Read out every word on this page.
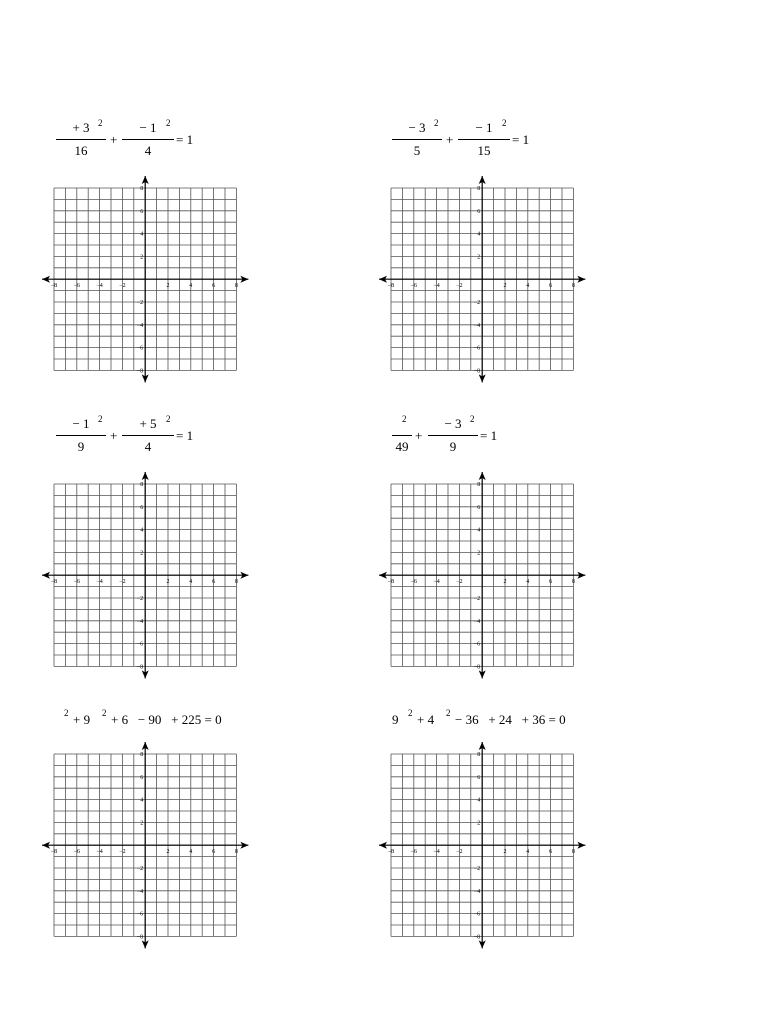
+ 3 2
16
+
− 1	2
4
= 1
−8	−6	−4	−2	2	4	6	8
8
6
4
2
−2
−4
−6
−8
− 3 2
5
+
− 1	2
15
= 1
−8	−6	−4	−2	2	4	6	8
8
6
4
2
−2
−4
−6
−8
− 1 2
9
+
+ 5	2
4
= 1
−8	−6	−4	−2	2	4	6	8
8
6
4
2
−2
−4
−6
−8
2
49
+
− 3 2
9
= 1
−8	−6	−4	−2	2	4	6	8
8
6
4
2
−2
−4
−6
−8
2 + 9 2 + 6   − 90   + 225 = 0
−8	−6	−4	−2	2	4	6	8
8
6
4
2
−2
−4
−6
−8
9 2 + 4 2 − 36   + 24   + 36 = 0
−8	−6	−4	−2	2	4	6	8
8
6
4
2
−2
−4
−6
−8
